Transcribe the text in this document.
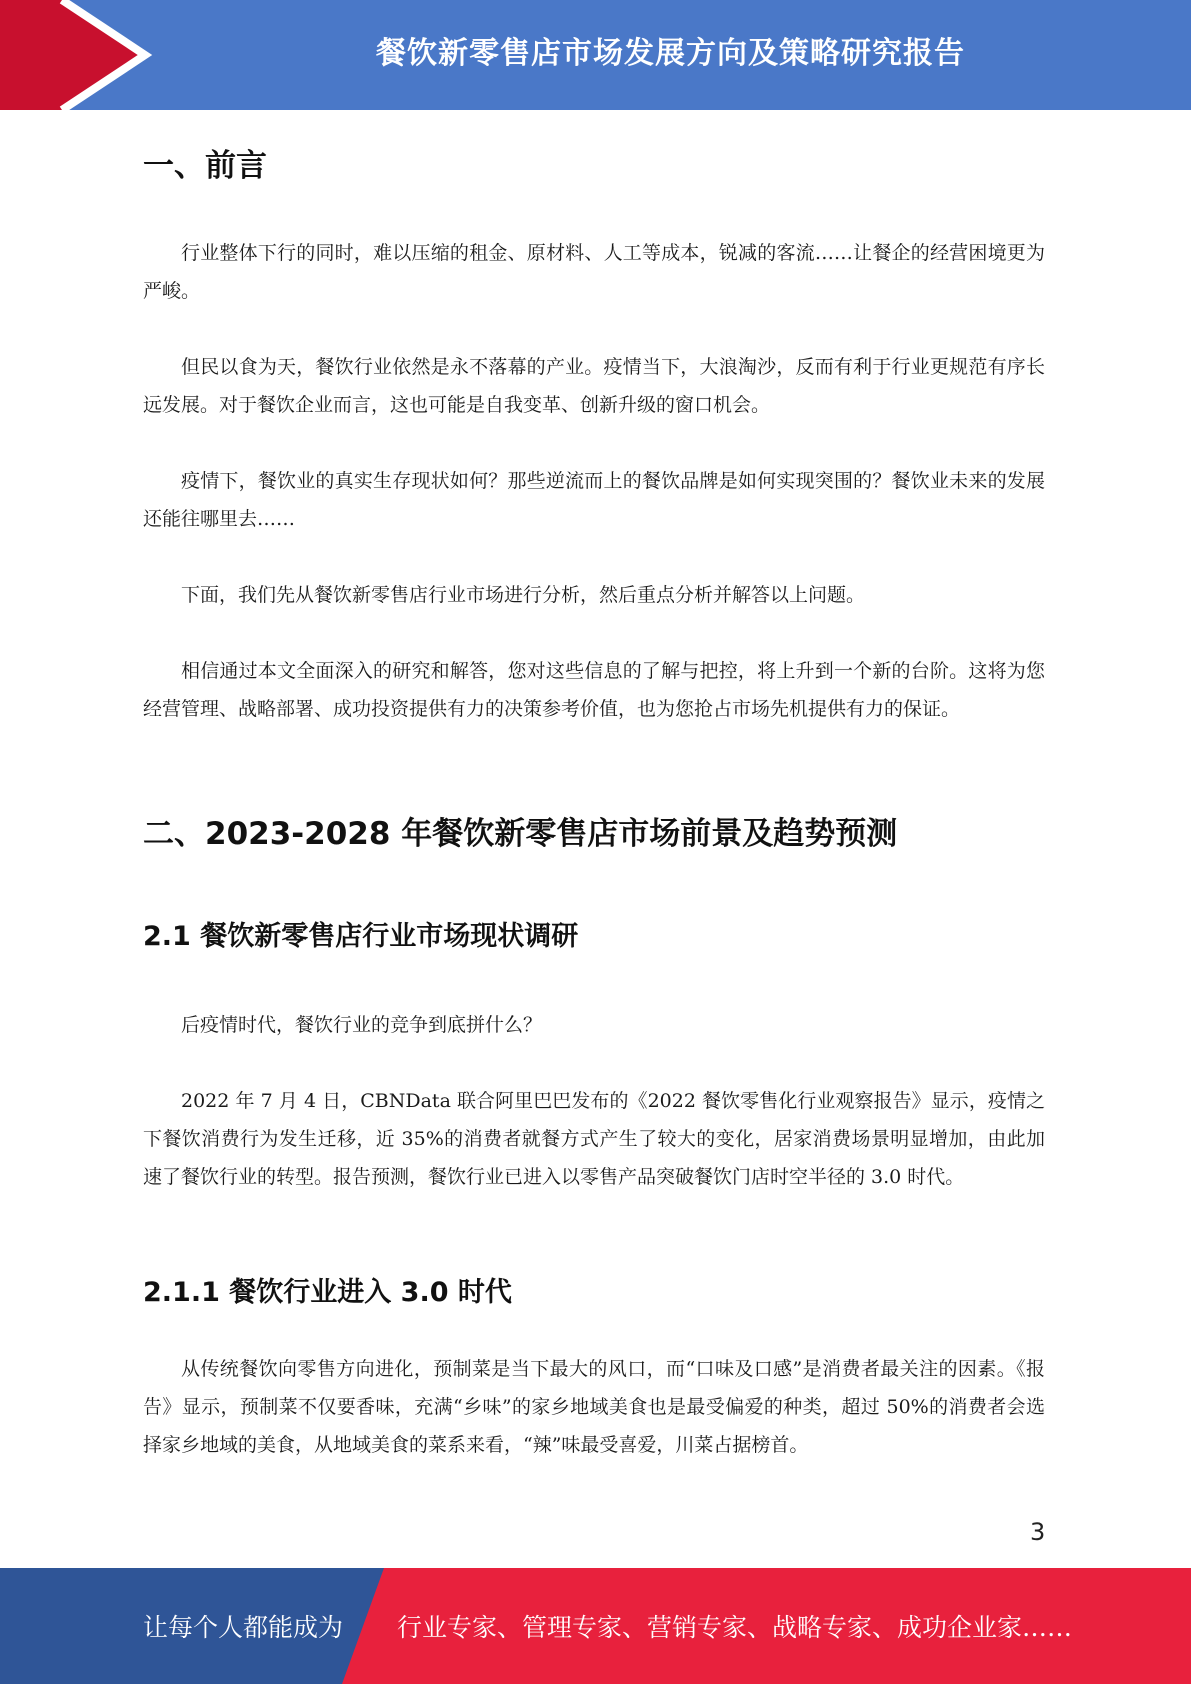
餐饮新零售店市场发展方向及策略研究报告
一、前言

行业整体下行的同时，难以压缩的租金、原材料、人工等成本，锐减的客流……让餐企的经营困境更为严峻。

但民以食为天，餐饮行业依然是永不落幕的产业。疫情当下，大浪淘沙，反而有利于行业更规范有序长远发展。对于餐饮企业而言，这也可能是自我变革、创新升级的窗口机会。

疫情下，餐饮业的真实生存现状如何？那些逆流而上的餐饮品牌是如何实现突围的？餐饮业未来的发展还能往哪里去……

下面，我们先从餐饮新零售店行业市场进行分析，然后重点分析并解答以上问题。

相信通过本文全面深入的研究和解答，您对这些信息的了解与把控，将上升到一个新的台阶。这将为您经营管理、战略部署、成功投资提供有力的决策参考价值，也为您抢占市场先机提供有力的保证。

二、2023-2028 年餐饮新零售店市场前景及趋势预测
2.1 餐饮新零售店行业市场现状调研

后疫情时代，餐饮行业的竞争到底拼什么？

2022 年 7 月 4 日，CBNData 联合阿里巴巴发布的《2022 餐饮零售化行业观察报告》显示，疫情之下餐饮消费行为发生迁移，近 35%的消费者就餐方式产生了较大的变化，居家消费场景明显增加，由此加速了餐饮行业的转型。报告预测，餐饮行业已进入以零售产品突破餐饮门店时空半径的 3.0 时代。

2.1.1 餐饮行业进入 3.0 时代

从传统餐饮向零售方向进化，预制菜是当下最大的风口，而“口味及口感”是消费者最关注的因素。《报告》显示，预制菜不仅要香味，充满“乡味”的家乡地域美食也是最受偏爱的种类，超过 50%的消费者会选择家乡地域的美食，从地域美食的菜系来看，“辣”味最受喜爱，川菜占据榜首。

3
让每个人都能成为 行业专家、管理专家、营销专家、战略专家、成功企业家……
